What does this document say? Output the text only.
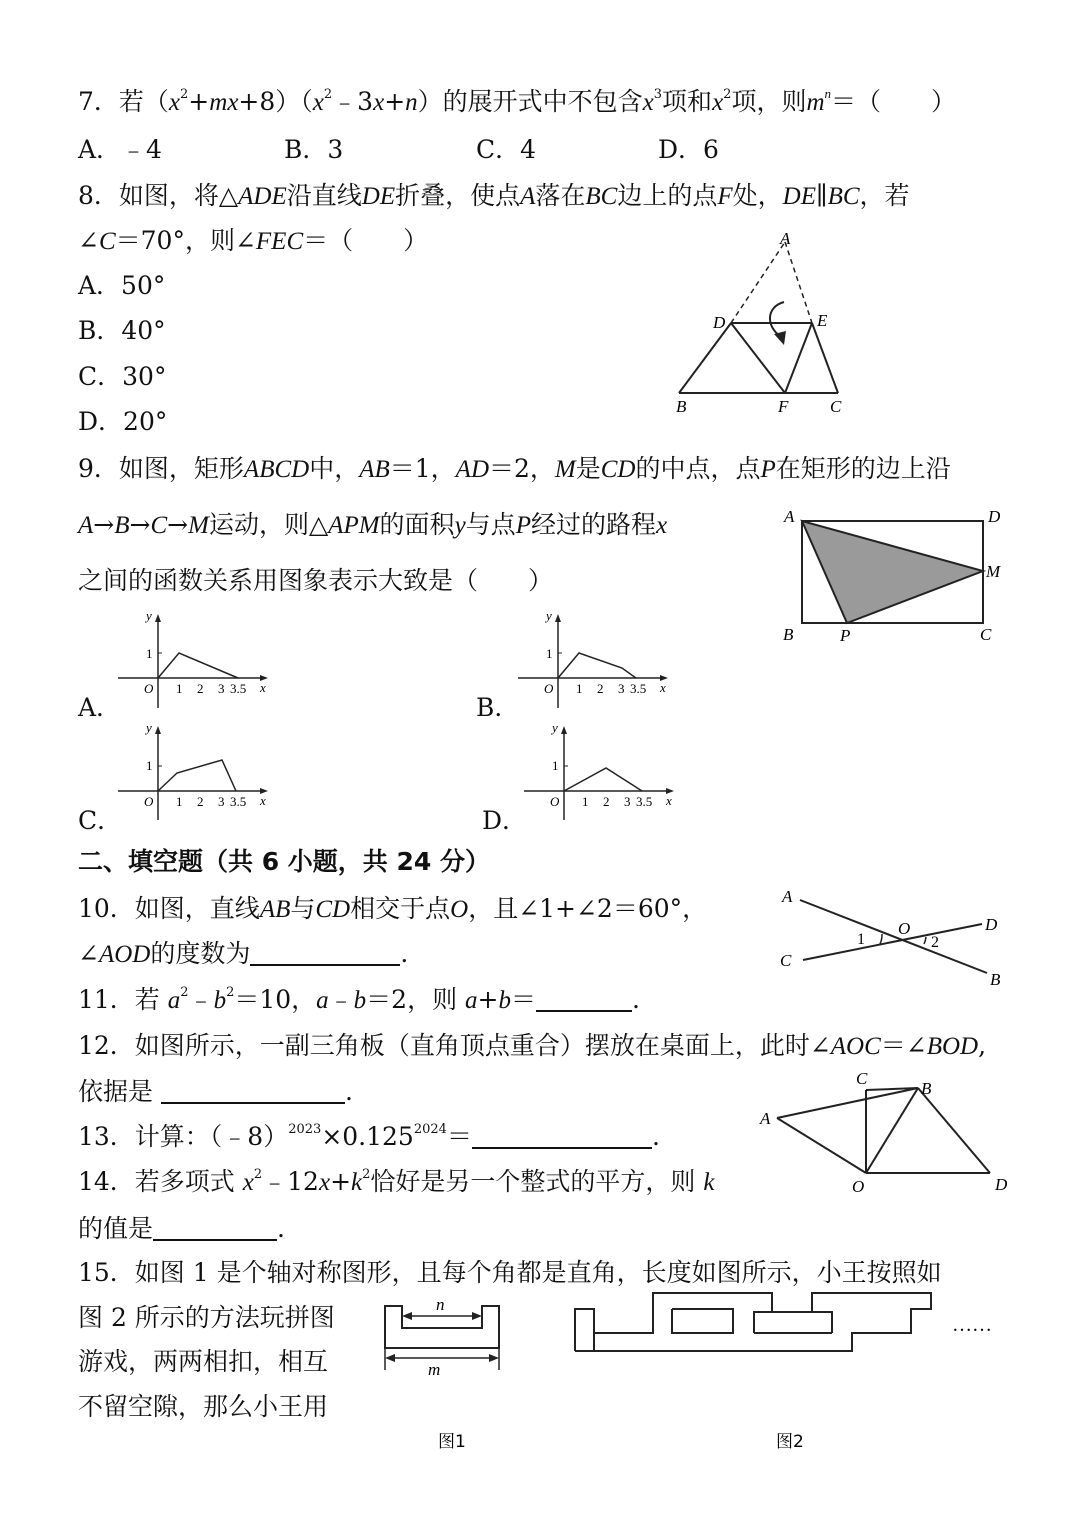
7．若$(x^2+mx+8)(x^2﹣3x+n)$的展开式中不包含$x^3$项和$x^2$项，则$m^n=$（　　）
A．﹣4	B．3	C．4	D．6
8．如图，将△ADE沿直线DE折叠，使点A落在BC边上的点F处，DE∥BC，若
∠C＝70°，则∠FEC＝（　　）
A．50°
B．40°
C．30°
D．20°
A
D	E
B	F C
9．如图，矩形ABCD中，AB＝1，AD＝2，M是CD的中点，点P在矩形的边上沿
A→B→C→M运动，则△APM的面积y与点P经过的路程x
之间的函数关系用图象表示大致是（　　）
A	D
M
B	P	C
A．	B．
C．	D．
y
1
O 1 2 3 3.5 x
y
1
O 1 2 3 3.5 x
y
1
O 1 2 3 3.5 x
y
1
O 1 2 3 3.5 x
二、填空题（共 6 小题，共 24 分）
10．如图，直线AB与CD相交于点O，且∠1+∠2＝60°，
∠AOD的度数为	.
A
D
C
B
O
1	2
11．若 $a^2﹣b^2=10$，a﹣b＝2，则 a+b＝	.
12．如图所示，一副三角板（直角顶点重合）摆放在桌面上，此时∠AOC＝∠BOD,
依据是	.
A
C
B
O	D
13．计算：$(﹣8)^{2023}\times 0.125^{2024}=$	.
14．若多项式 $x^2﹣12x+k^2$恰好是另一个整式的平方，则 k
的值是	.
15．如图 1 是个轴对称图形，且每个角都是直角，长度如图所示，小王按照如
图 2 所示的方法玩拼图
游戏，两两相扣，相互
不留空隙，那么小王用
n
m
图1
……
图2
